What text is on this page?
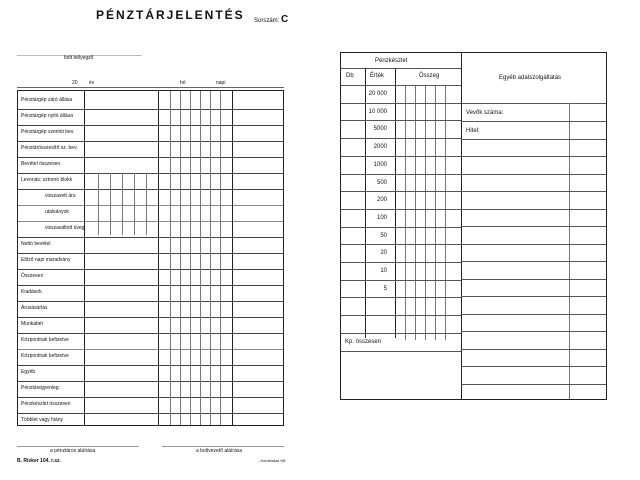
PÉNZTÁRJELENTÉS Sorszám: C
bolt bélyegző
20 év	hó	napi
Pénztárgép záró állása
Pénztárgép nyitó állása
Pénztárgép szerinti bev.
Pénztárösszesítő sz. bev.
Bevétel összesen
Levonás: sztornó blokk
visszavett áru
utalványok
visszaváltott üveg
Nettó bevétel
Előző napi maradvány
Összesen
Kiadások
Áruvásárlás
Munkabér
Központnak befizetve
Központnak befizetve
Egyéb
Pénztáregyenleg:
Pénzkészlet összesen
Többlet vagy hiány
a pénztáros aláírása	a boltvezető aláírása
B. Rísker 104. r.sz.	- Kombiskar Kft.
Pénzkészlet
Db	Érték	Összeg	Egyéb adatszolgáltatás
Vevők száma:
Hitel:
20 000
10 000
5000
2000
1000
500
200
100
50
20
10
5
Kp. összesen
